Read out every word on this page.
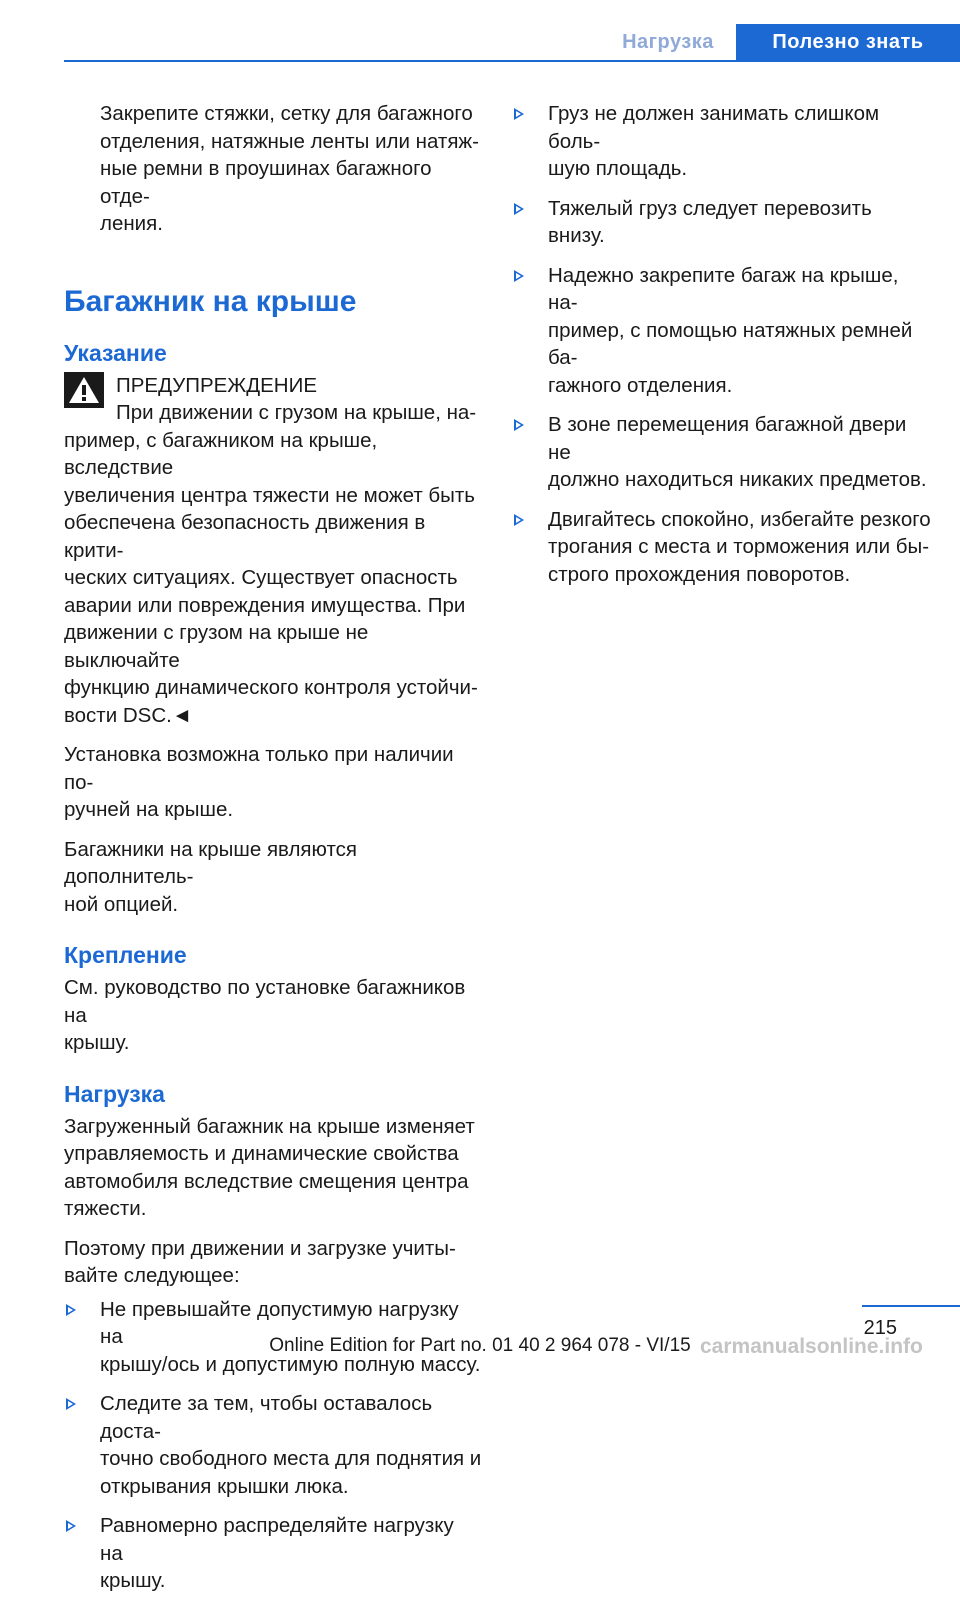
Нагрузка	Полезно знать

Закрепите стяжки, сетку для багажного

отделения, натяжные ленты или натяж-

ные ремни в проушинах багажного отде-

ления.

Багажник на крыше
Указание

ПРЕДУПРЕЖДЕНИЕ

При движении с грузом на крыше, на-

пример, с багажником на крыше, вследствие

увеличения центра тяжести не может быть

обеспечена безопасность движения в крити-

ческих ситуациях. Существует опасность

аварии или повреждения имущества. При

движении с грузом на крыше не выключайте

функцию динамического контроля устойчи-

вости DSC.◄

Установка возможна только при наличии по-

ручней на крыше.

Багажники на крыше являются дополнитель-

ной опцией.

Крепление

См. руководство по установке багажников на

крышу.

Нагрузка

Загруженный багажник на крыше изменяет

управляемость и динамические свойства

автомобиля вследствие смещения центра

тяжести.

Поэтому при движении и загрузке учиты-

вайте следующее:

Не превышайте допустимую нагрузку на
крышу/ось и допустимую полную массу.
Следите за тем, чтобы оставалось доста-
точно свободного места для поднятия и
открывания крышки люка.
Равномерно распределяйте нагрузку на
крышу.
Груз не должен занимать слишком боль-
шую площадь.
Тяжелый груз следует перевозить внизу.
Надежно закрепите багаж на крыше, на-
пример, с помощью натяжных ремней ба-
гажного отделения.
В зоне перемещения багажной двери не
должно находиться никаких предметов.
Двигайтесь спокойно, избегайте резкого
трогания с места и торможения или бы-
строго прохождения поворотов.
215
Online Edition for Part no. 01 40 2 964 078 - VI/15 carmanualsonline.info
